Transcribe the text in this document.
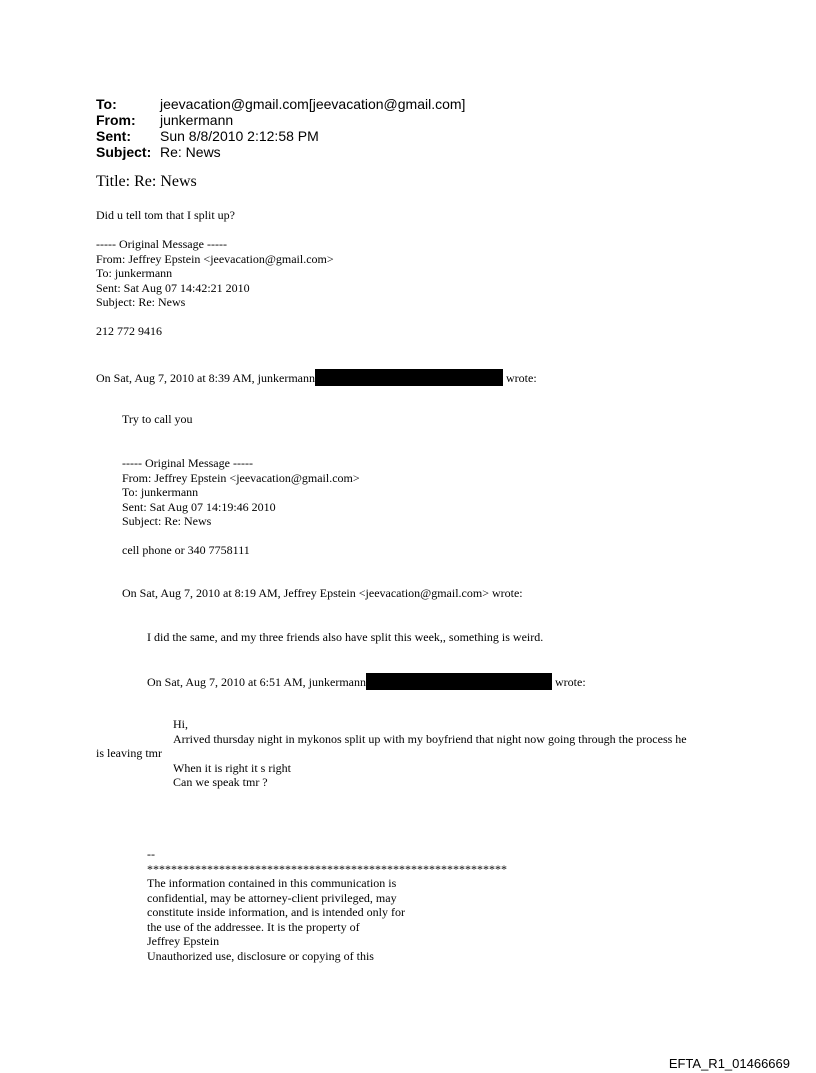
To:	jeevacation@gmail.com[jeevacation@gmail.com]
From:	junkermann
Sent:	Sun 8/8/2010 2:12:58 PM
Subject: Re: News
Title: Re: News
Did u tell tom that I split up?
----- Original Message -----
From: Jeffrey Epstein <jeevacation@gmail.com>
To: junkermann
Sent: Sat Aug 07 14:42:21 2010
Subject: Re: News
212 772 9416
On Sat, Aug 7, 2010 at 8:39 AM, junkermann	wrote:
Try to call you
----- Original Message -----
From: Jeffrey Epstein <jeevacation@gmail.com>
To: junkermann
Sent: Sat Aug 07 14:19:46 2010
Subject: Re: News
cell phone or 340 7758111
On Sat, Aug 7, 2010 at 8:19 AM, Jeffrey Epstein <jeevacation@gmail.com> wrote:
I did the same, and my three friends also have split this week,, something is weird.
On Sat, Aug 7, 2010 at 6:51 AM, junkermann	wrote:
Hi,
Arrived thursday night in mykonos split up with my boyfriend that night now going through the process he
is leaving tmr
When it is right it s right
Can we speak tmr ?
--
************************************************************
The information contained in this communication is
confidential, may be attorney-client privileged, may
constitute inside information, and is intended only for
the use of the addressee. It is the property of
Jeffrey Epstein
Unauthorized use, disclosure or copying of this
EFTA_R1_01466669
